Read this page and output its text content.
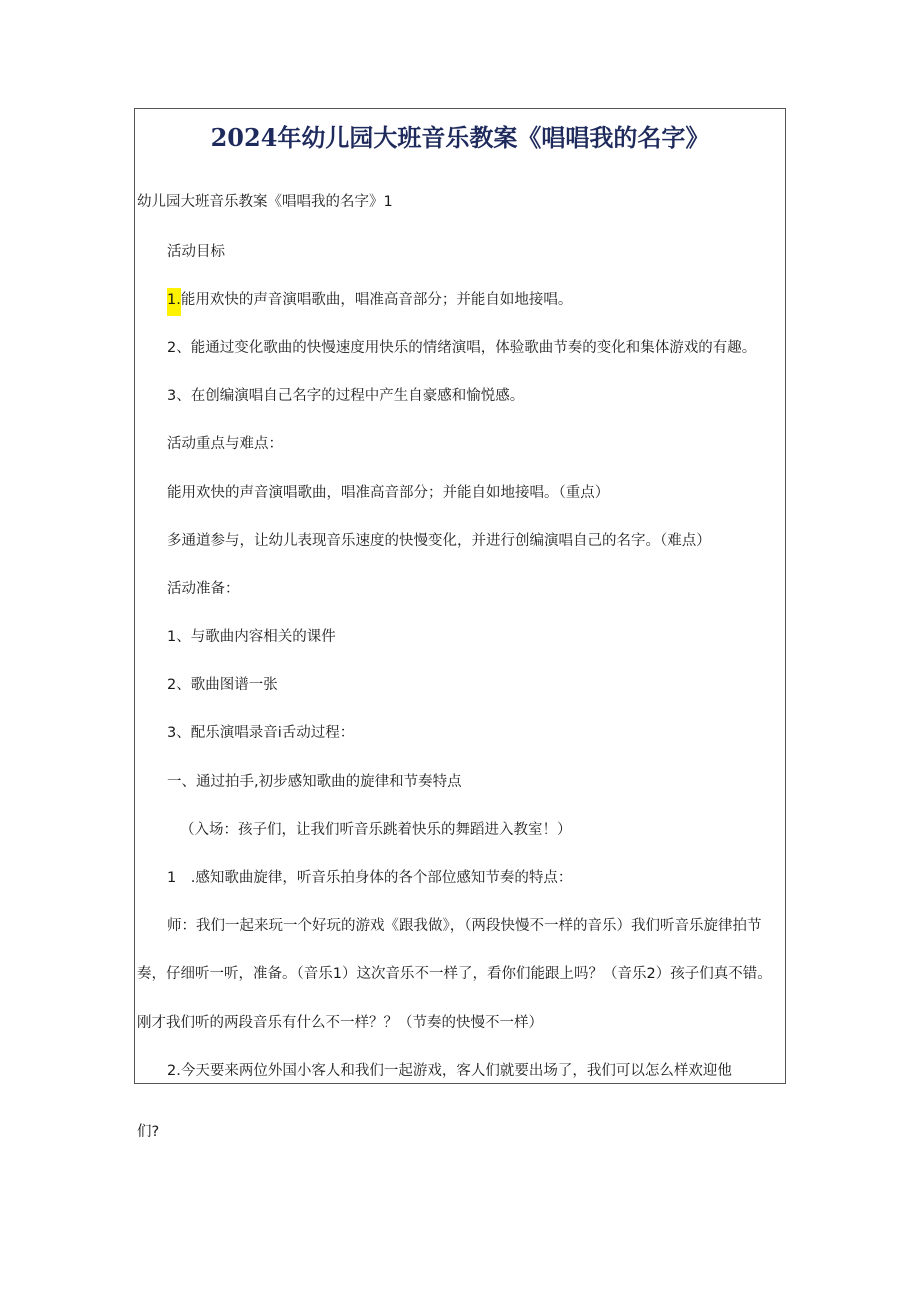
2024年幼儿园大班音乐教案《唱唱我的名字》
幼儿园大班音乐教案《唱唱我的名字》1
活动目标
1.能用欢快的声音演唱歌曲，唱准高音部分；并能自如地接唱。
2、能通过变化歌曲的快慢速度用快乐的情绪演唱，体验歌曲节奏的变化和集体游戏的有趣。
3、在创编演唱自己名字的过程中产生自豪感和愉悦感。
活动重点与难点：
能用欢快的声音演唱歌曲，唱准高音部分；并能自如地接唱。（重点）
多通道参与，让幼儿表现音乐速度的快慢变化，并进行创编演唱自己的名字。（难点）
活动准备：
1、与歌曲内容相关的课件
2、歌曲图谱一张
3、配乐演唱录音i舌动过程：
一、通过拍手,初步感知歌曲的旋律和节奏特点
（入场：孩子们，让我们听音乐跳着快乐的舞蹈进入教室！）
1　.感知歌曲旋律，听音乐拍身体的各个部位感知节奏的特点：
师：我们一起来玩一个好玩的游戏《跟我做》，（两段快慢不一样的音乐）我们听音乐旋律拍节
奏，仔细听一听，准备。（音乐1）这次音乐不一样了，看你们能跟上吗？（音乐2）孩子们真不错。
刚才我们听的两段音乐有什么不一样？？（节奏的快慢不一样）
2.今天要来两位外国小客人和我们一起游戏，客人们就要出场了，我们可以怎么样欢迎他
们?
